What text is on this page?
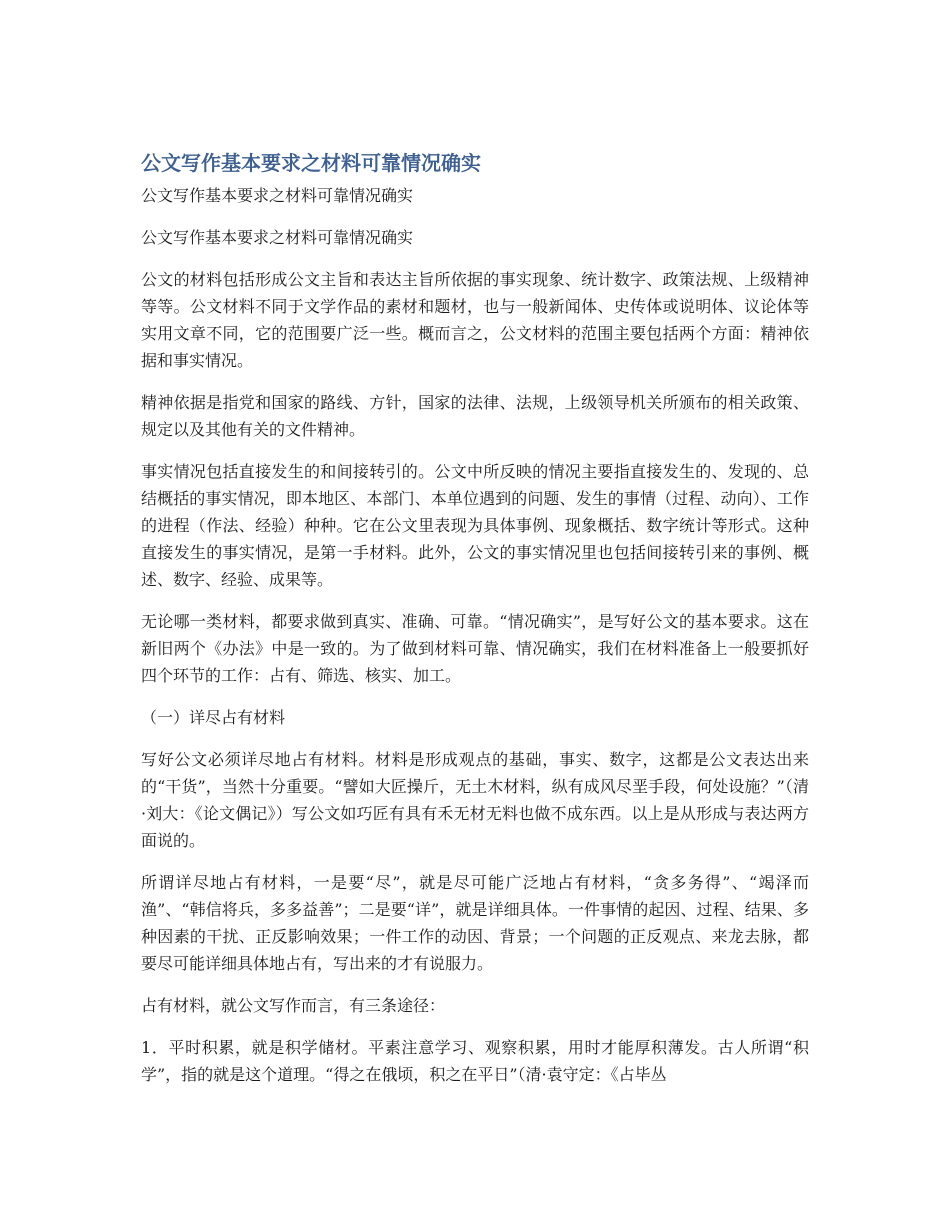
公文写作基本要求之材料可靠情况确实

公文写作基本要求之材料可靠情况确实

公文写作基本要求之材料可靠情况确实

公文的材料包括形成公文主旨和表达主旨所依据的事实现象、统计数字、政策法规、上级精神等等。公文材料不同于文学作品的素材和题材，也与一般新闻体、史传体或说明体、议论体等实用文章不同，它的范围要广泛一些。概而言之，公文材料的范围主要包括两个方面：精神依据和事实情况。

精神依据是指党和国家的路线、方针，国家的法律、法规，上级领导机关所颁布的相关政策、规定以及其他有关的文件精神。

事实情况包括直接发生的和间接转引的。公文中所反映的情况主要指直接发生的、发现的、总结概括的事实情况，即本地区、本部门、本单位遇到的问题、发生的事情（过程、动向）、工作的进程（作法、经验）种种。它在公文里表现为具体事例、现象概括、数字统计等形式。这种直接发生的事实情况，是第一手材料。此外，公文的事实情况里也包括间接转引来的事例、概述、数字、经验、成果等。

无论哪一类材料，都要求做到真实、准确、可靠。“情况确实”，是写好公文的基本要求。这在新旧两个《办法》中是一致的。为了做到材料可靠、情况确实，我们在材料准备上一般要抓好四个环节的工作：占有、筛选、核实、加工。

（一）详尽占有材料

写好公文必须详尽地占有材料。材料是形成观点的基础，事实、数字，这都是公文表达出来的“干货”，当然十分重要。“譬如大匠操斤，无土木材料，纵有成风尽垩手段，何处设施？”（清·刘大：《论文偶记》）写公文如巧匠有具有禾无材无料也做不成东西。以上是从形成与表达两方面说的。

所谓详尽地占有材料，一是要“尽”，就是尽可能广泛地占有材料，“贪多务得”、“竭泽而渔”、“韩信将兵，多多益善”；二是要“详”，就是详细具体。一件事情的起因、过程、结果、多种因素的干扰、正反影响效果；一件工作的动因、背景；一个问题的正反观点、来龙去脉，都要尽可能详细具体地占有，写出来的才有说服力。

占有材料，就公文写作而言，有三条途径：

1．平时积累，就是积学储材。平素注意学习、观察积累，用时才能厚积薄发。古人所谓“积学”，指的就是这个道理。“得之在俄顷，积之在平日”（清·袁守定：《占毕丛
